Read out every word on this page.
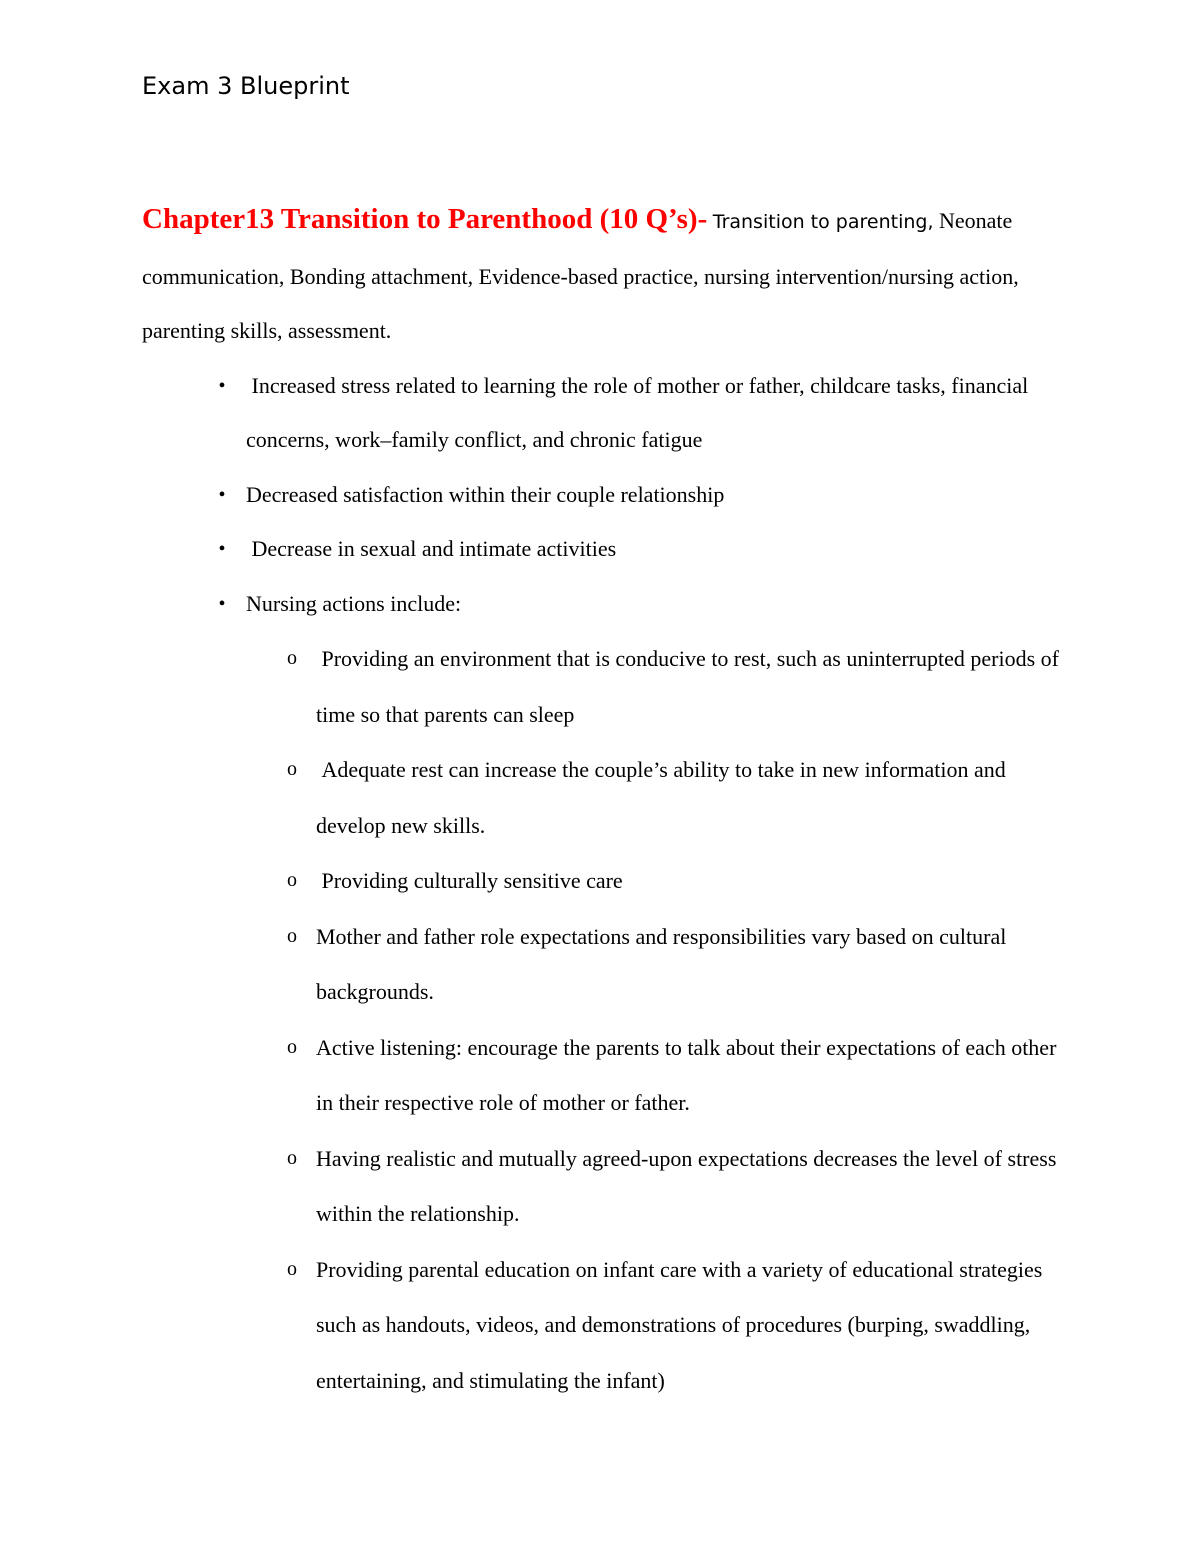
Exam 3 Blueprint

Chapter13 Transition to Parenthood (10 Q’s)- Transition to parenting, Neonate communication, Bonding attachment, Evidence-based practice, nursing intervention/nursing action, parenting skills, assessment.

• Increased stress related to learning the role of mother or father, childcare tasks, financial concerns, work–family conflict, and chronic fatigue
• Decreased satisfaction within their couple relationship
• Decrease in sexual and intimate activities
• Nursing actions include:
o Providing an environment that is conducive to rest, such as uninterrupted periods of time so that parents can sleep
o Adequate rest can increase the couple’s ability to take in new information and develop new skills.
o Providing culturally sensitive care
o Mother and father role expectations and responsibilities vary based on cultural backgrounds.
o Active listening: encourage the parents to talk about their expectations of each other in their respective role of mother or father.
o Having realistic and mutually agreed-upon expectations decreases the level of stress within the relationship.
o Providing parental education on infant care with a variety of educational strategies such as handouts, videos, and demonstrations of procedures (burping, swaddling, entertaining, and stimulating the infant)
